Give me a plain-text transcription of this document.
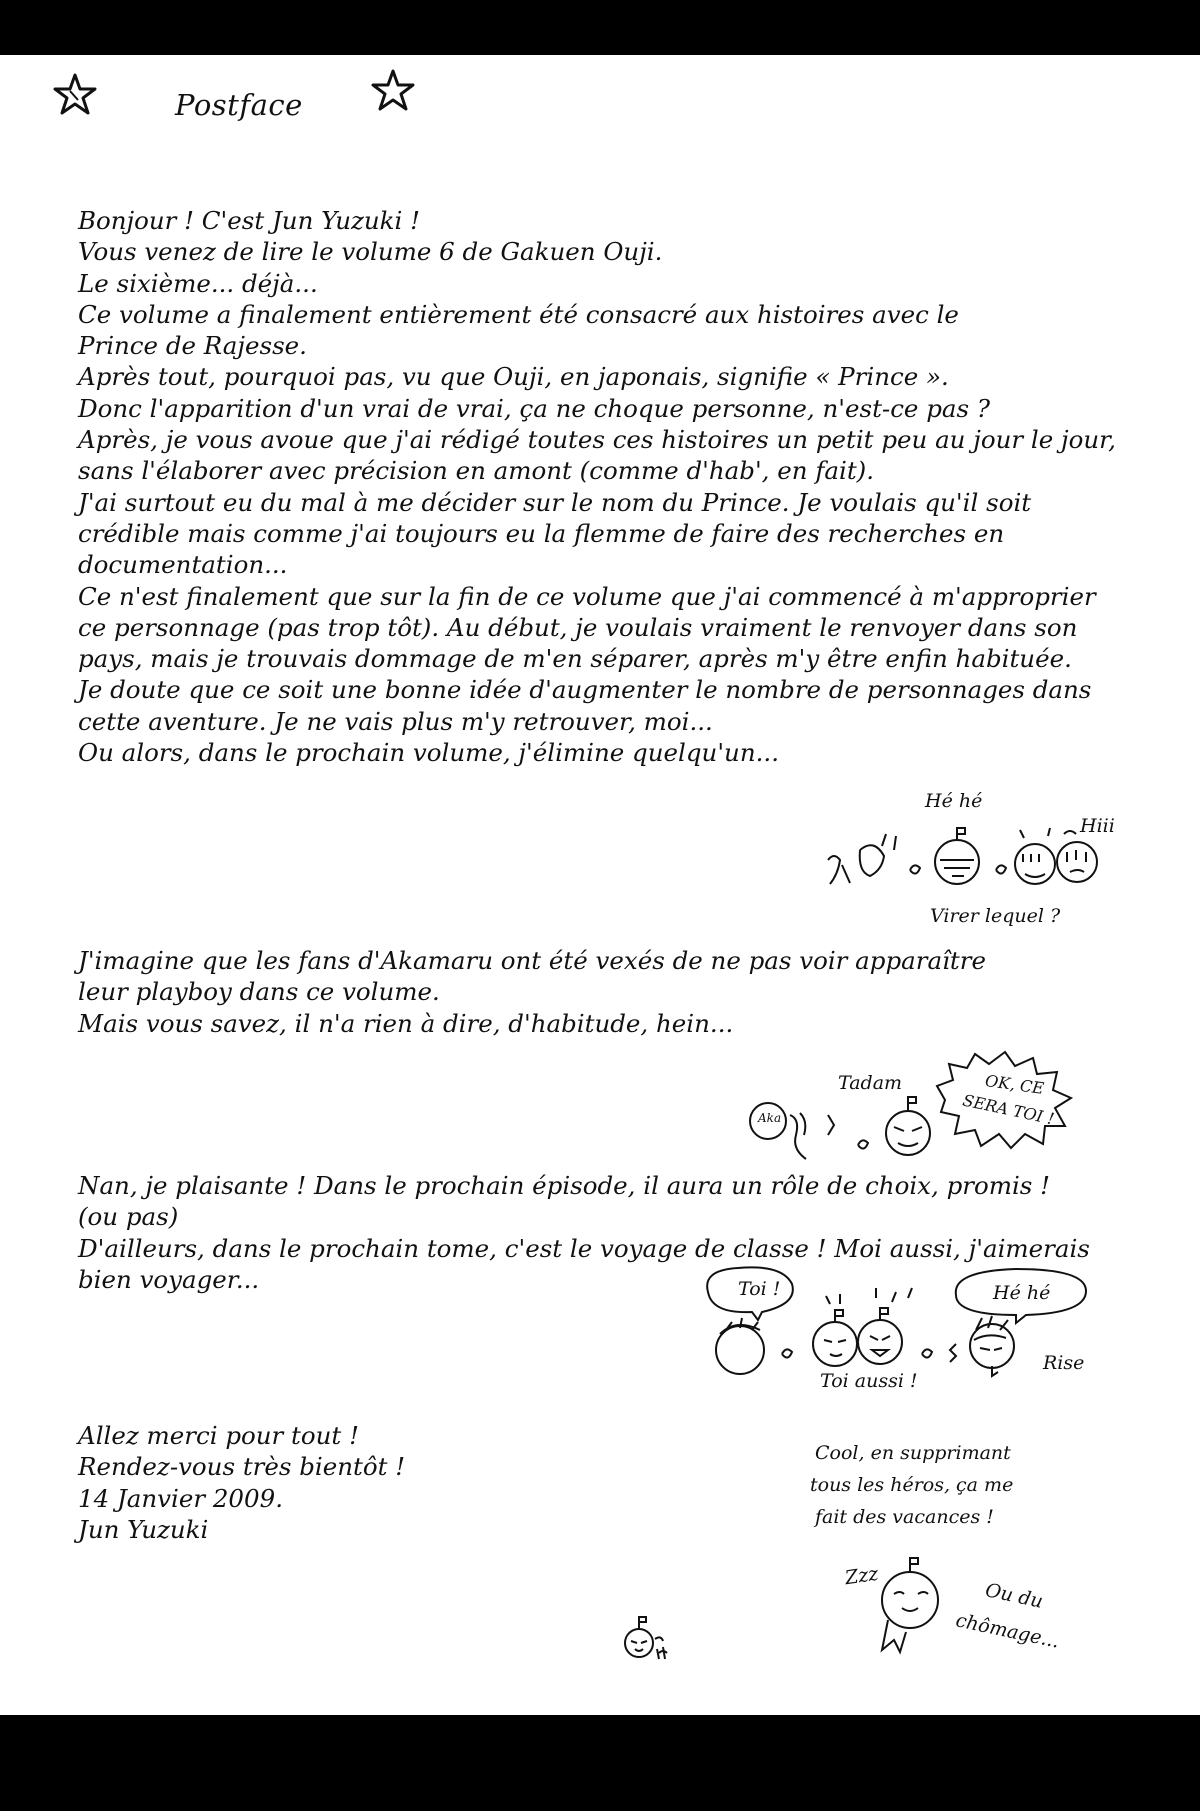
Postface
Bonjour ! C'est Jun Yuzuki !
Vous venez de lire le volume 6 de Gakuen Ouji.
Le sixième... déjà...
Ce volume a finalement entièrement été consacré aux histoires avec le
Prince de Rajesse.
Après tout, pourquoi pas, vu que Ouji, en japonais, signifie « Prince ».
Donc l'apparition d'un vrai de vrai, ça ne choque personne, n'est-ce pas ?
Après, je vous avoue que j'ai rédigé toutes ces histoires un petit peu au jour le jour,
sans l'élaborer avec précision en amont (comme d'hab', en fait).
J'ai surtout eu du mal à me décider sur le nom du Prince. Je voulais qu'il soit
crédible mais comme j'ai toujours eu la flemme de faire des recherches en
documentation...
Ce n'est finalement que sur la fin de ce volume que j'ai commencé à m'approprier
ce personnage (pas trop tôt). Au début, je voulais vraiment le renvoyer dans son
pays, mais je trouvais dommage de m'en séparer, après m'y être enfin habituée.
Je doute que ce soit une bonne idée d'augmenter le nombre de personnages dans
cette aventure. Je ne vais plus m'y retrouver, moi...
Ou alors, dans le prochain volume, j'élimine quelqu'un...
Hé hé
Hiii
Virer lequel ?
J'imagine que les fans d'Akamaru ont été vexés de ne pas voir apparaître
leur playboy dans ce volume.
Mais vous savez, il n'a rien à dire, d'habitude, hein...
Tadam
Aka
OK, CE
SERA TOI !
Nan, je plaisante ! Dans le prochain épisode, il aura un rôle de choix, promis !
(ou pas)
D'ailleurs, dans le prochain tome, c'est le voyage de classe ! Moi aussi, j'aimerais
bien voyager...	Toi !	Hé hé
Toi aussi !
Rise
Allez merci pour tout !
Rendez-vous très bientôt !
14 Janvier 2009.
Jun Yuzuki
Cool, en supprimant
tous les héros, ça me
fait des vacances !
Zzz
Ou du
chômage...
